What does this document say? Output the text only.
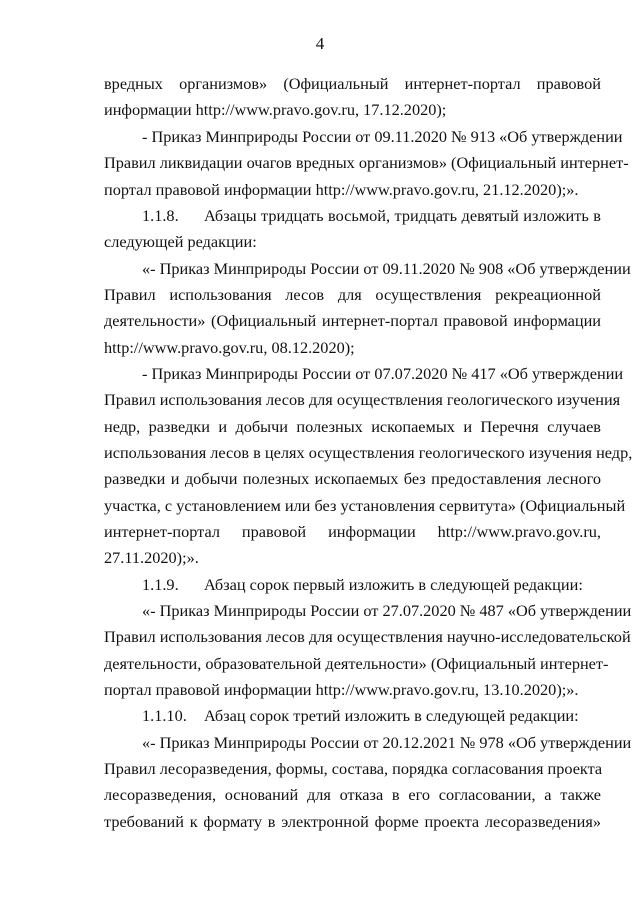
4
вредных организмов» (Официальный интернет-портал правовой
информации http://www.pravo.gov.ru, 17.12.2020);
- Приказ Минприроды России от 09.11.2020 № 913 «Об утверждении
Правил ликвидации очагов вредных организмов» (Официальный интернет-
портал правовой информации http://www.pravo.gov.ru, 21.12.2020);».
1.1.8. Абзацы тридцать восьмой, тридцать девятый изложить в
следующей редакции:
«- Приказ Минприроды России от 09.11.2020 № 908 «Об утверждении
Правил использования лесов для осуществления рекреационной
деятельности» (Официальный интернет-портал правовой информации
http://www.pravo.gov.ru, 08.12.2020);
- Приказ Минприроды России от 07.07.2020 № 417 «Об утверждении
Правил использования лесов для осуществления геологического изучения
недр, разведки и добычи полезных ископаемых и Перечня случаев
использования лесов в целях осуществления геологического изучения недр,
разведки и добычи полезных ископаемых без предоставления лесного
участка, с установлением или без установления сервитута» (Официальный
интернет-портал правовой информации http://www.pravo.gov.ru,
27.11.2020);».
1.1.9. Абзац сорок первый изложить в следующей редакции:
«- Приказ Минприроды России от 27.07.2020 № 487 «Об утверждении
Правил использования лесов для осуществления научно-исследовательской
деятельности, образовательной деятельности» (Официальный интернет-
портал правовой информации http://www.pravo.gov.ru, 13.10.2020);».
1.1.10. Абзац сорок третий изложить в следующей редакции:
«- Приказ Минприроды России от 20.12.2021 № 978 «Об утверждении
Правил лесоразведения, формы, состава, порядка согласования проекта
лесоразведения, оснований для отказа в его согласовании, а также
требований к формату в электронной форме проекта лесоразведения»
